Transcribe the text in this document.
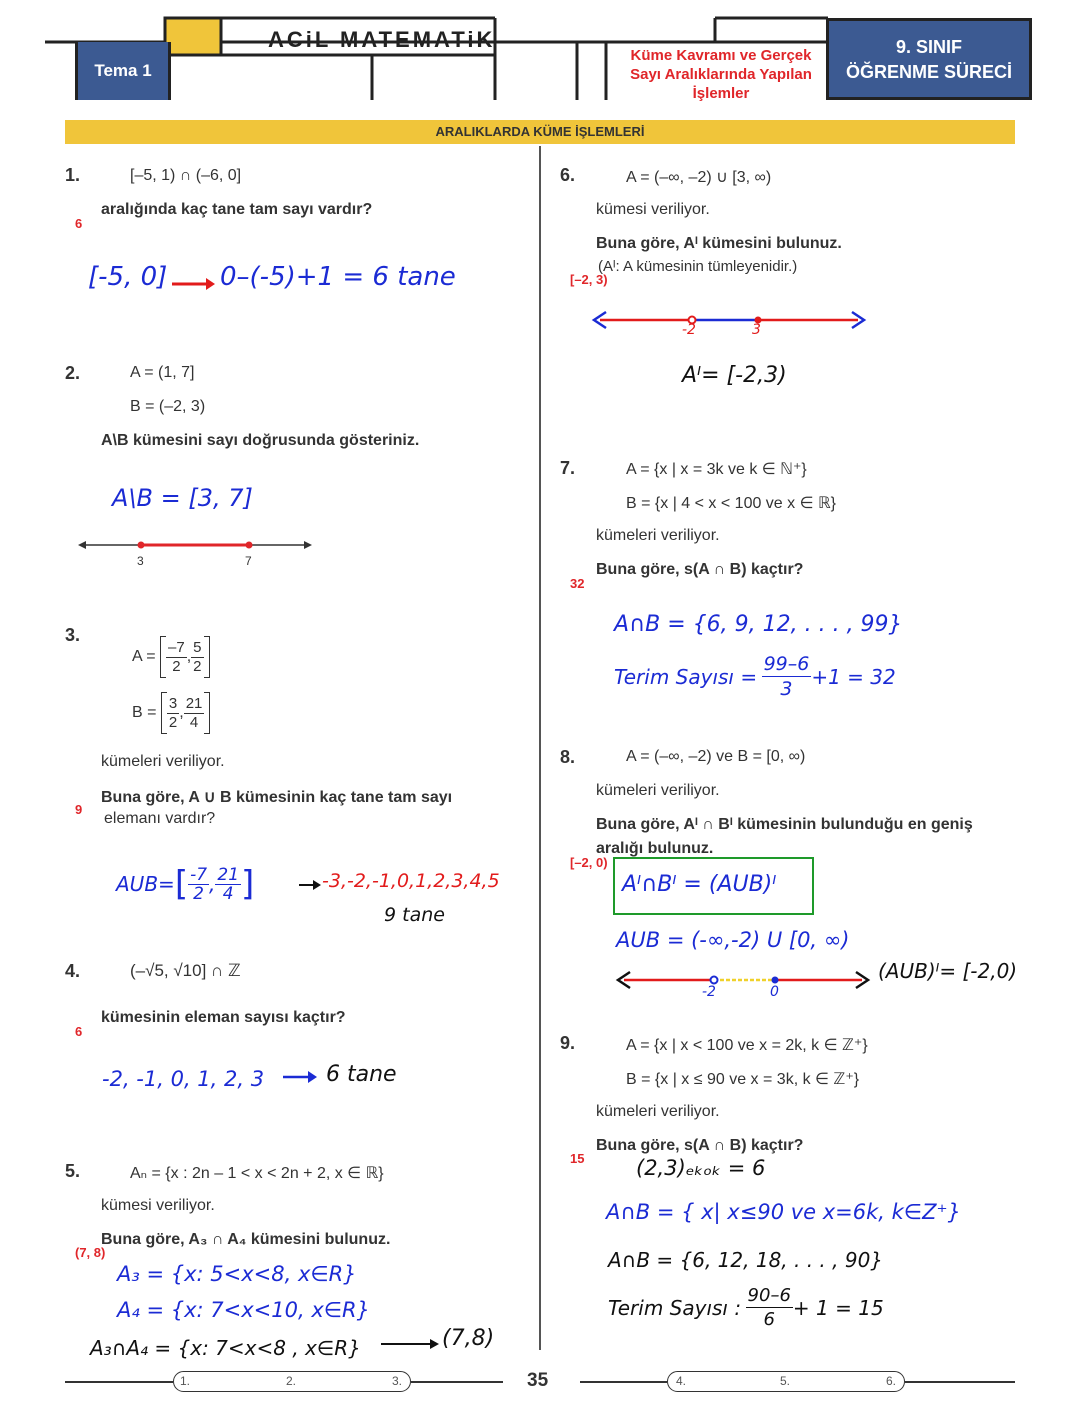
Tema 1
ACiL MATEMATiK
Küme Kavramı ve Gerçek Sayı Aralıklarında Yapılan İşlemler
9. SINIF
ÖĞRENME SÜRECİ
ARALIKLARDA KÜME İŞLEMLERİ
1.	[–5, 1) ∩ (–6, 0]
aralığında kaç tane tam sayı vardır?
6
[-5, 0] 0–(-5)+1 = 6 tane
2.	A = (1, 7]
B = (–2, 3)
A\B kümesini sayı doğrusunda gösteriniz.
A\B = [3, 7]
3	7
3.
A =
$\frac{-7}{2}$ , $\frac{5}{2}$
B =
$\frac{3}{2}$ , $\frac{21}{4}$
kümeleri veriliyor.
Buna göre, A ∪ B kümesinin kaç tane tam sayı
elemanı vardır?
9
AUB= [ $\frac{-7}{2}$ , $\frac{21}{4}$ ]	-3,-2,-1,0,1,2,3,4,5
9 tane
4.	(–√5, √10] ∩ ℤ
kümesinin eleman sayısı kaçtır?
6
-2, -1, 0, 1, 2, 3	6 tane
5.	Aₙ = {x : 2n – 1 < x < 2n + 2, x ∈ ℝ}
kümesi veriliyor.
Buna göre, A₃ ∩ A₄ kümesini bulunuz.
(7, 8)
A₃ = {x: 5<x<8, x∈R}
A₄ = {x: 7<x<10, x∈R}
A₃∩A₄ = {x: 7<x<8 , x∈R}	(7,8)
6.	A = (–∞, –2) ∪ [3, ∞)
kümesi veriliyor.
Buna göre, Aᴵ kümesini bulunuz.
(Aᴵ: A kümesinin tümleyenidir.)
[–2, 3)
-2	3
Aᴵ= [-2,3)
7.	A = {x | x = 3k ve k ∈ ℕ⁺}
B = {x | 4 < x < 100 ve x ∈ ℝ}
kümeleri veriliyor.
Buna göre, s(A ∩ B) kaçtır?
32
A∩B = {6, 9, 12, . . . , 99}
Terim Sayısı =
$\frac{99-6}{3} +1 = 32$
8.	A = (–∞, –2) ve B = [0, ∞)
kümeleri veriliyor.
Buna göre, Aᴵ ∩ Bᴵ kümesinin bulunduğu en geniş
aralığı bulunuz.
[–2, 0)
Aᴵ∩Bᴵ = (AUB)ᴵ
AUB = (-∞,-2) U [0, ∞)
-2	0
(AUB)ᴵ= [-2,0)
9.	A = {x | x < 100 ve x = 2k, k ∈ ℤ⁺}
B = {x | x ≤ 90 ve x = 3k, k ∈ ℤ⁺}
kümeleri veriliyor.
Buna göre, s(A ∩ B) kaçtır?
15 (2,3)ₑₖₒₖ = 6
A∩B = { x| x≤90 ve x=6k, k∈Z⁺}
A∩B = {6, 12, 18, . . . , 90}
Terim Sayısı :
$\frac{90-6}{6} + 1 = 15$
1.	2.	3.	35	4.	5.	6.
